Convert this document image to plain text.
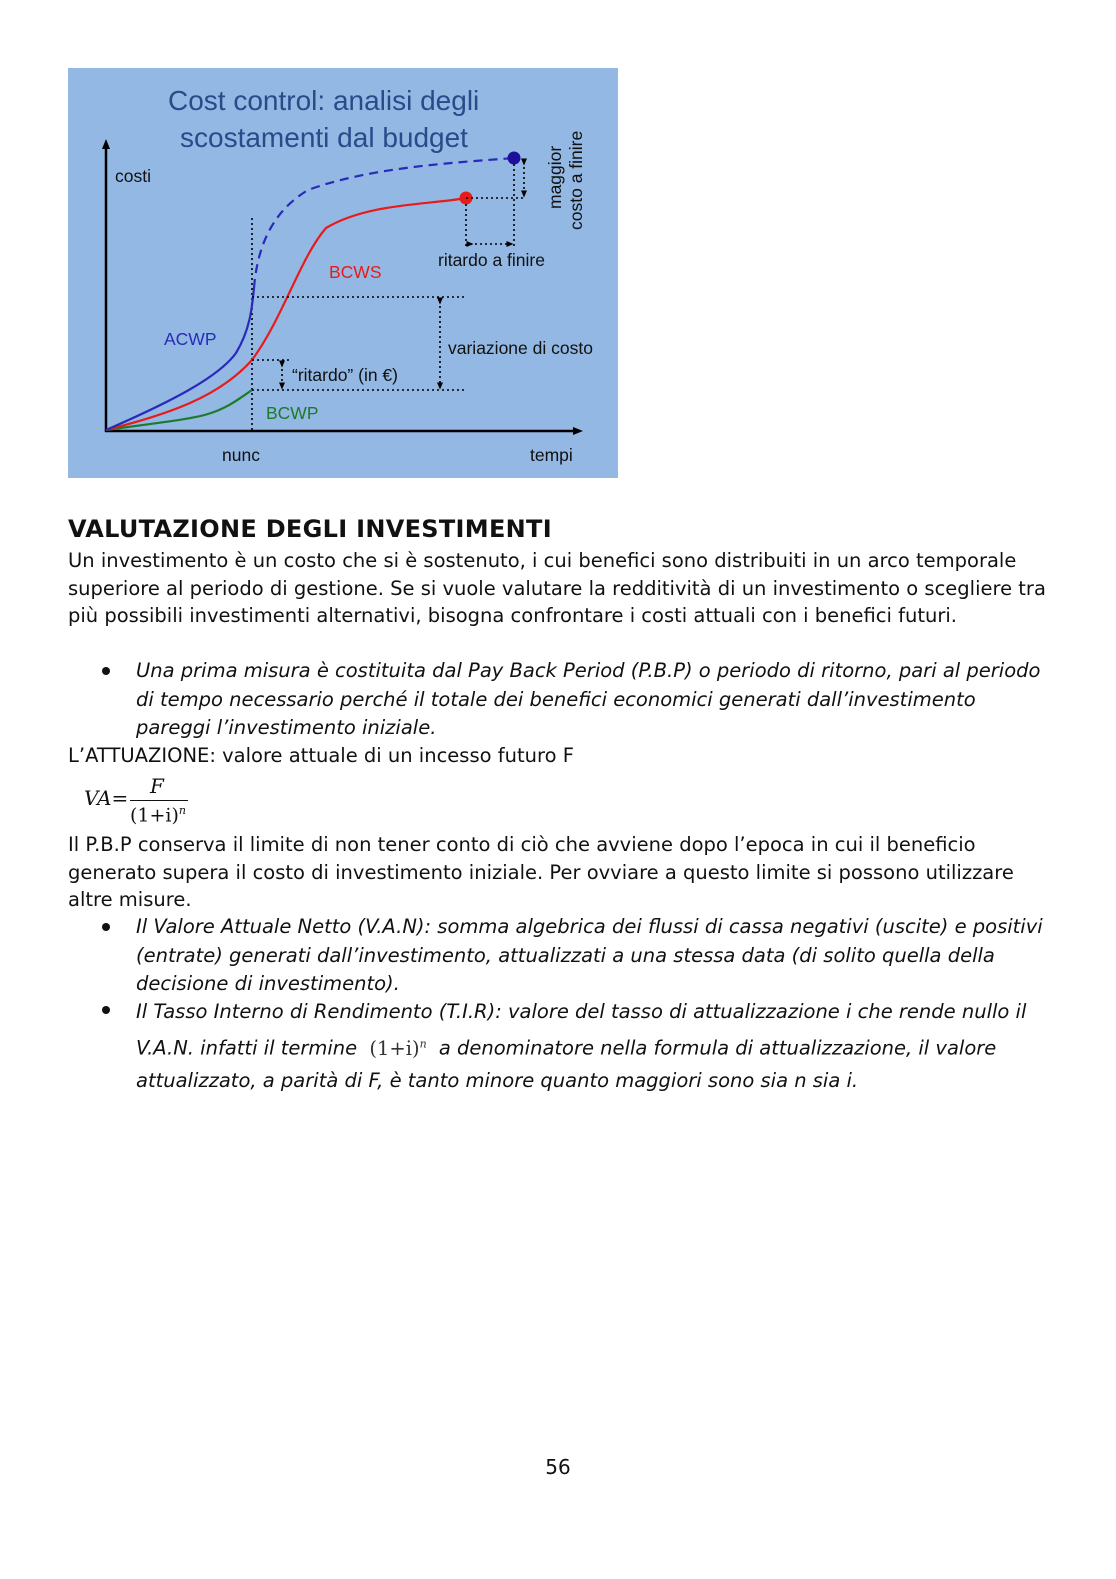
Cost control: analisi degli
scostamenti dal budget
costi
tempi
nunc
ACWP
BCWS
BCWP
ritardo a finire
variazione di costo
“ritardo” (in €)
maggior costo a finire
VALUTAZIONE DEGLI INVESTIMENTI

Un investimento è un costo che si è sostenuto, i cui benefici sono distribuiti in un arco temporale superiore al periodo di gestione. Se si vuole valutare la redditività di un investimento o scegliere tra più possibili investimenti alternativi, bisogna confrontare i costi attuali con i benefici futuri.

Una prima misura è costituita dal Pay Back Period (P.B.P) o periodo di ritorno, pari al periodo di tempo necessario perché il totale dei benefici economici generati dall’investimento pareggi l’investimento iniziale.

L’ATTUAZIONE: valore attuale di un incesso futuro F

VA= F
$(1+i)^n$

Il P.B.P conserva il limite di non tener conto di ciò che avviene dopo l’epoca in cui il beneficio generato supera il costo di investimento iniziale. Per ovviare a questo limite si possono utilizzare altre misure.

Il Valore Attuale Netto (V.A.N): somma algebrica dei flussi di cassa negativi (uscite) e positivi (entrate) generati dall’investimento, attualizzati a una stessa data (di solito quella della decisione di investimento).

Il Tasso Interno di Rendimento (T.I.R): valore del tasso di attualizzazione i che rende nullo il V.A.N. infatti il termine $(1+i)^n$ a denominatore nella formula di attualizzazione, il valore attualizzato, a parità di F, è tanto minore quanto maggiori sono sia n sia i.

56
